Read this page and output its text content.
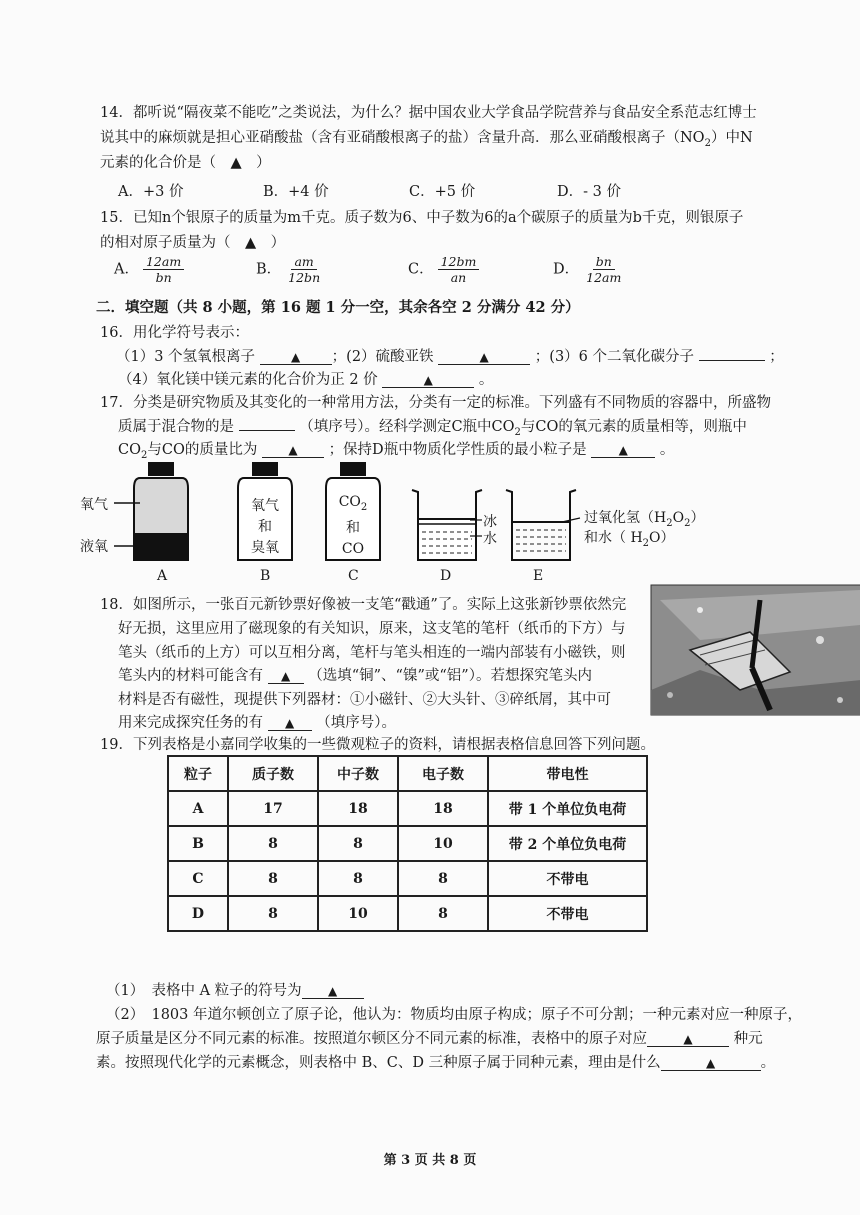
14．都听说“隔夜菜不能吃”之类说法，为什么？据中国农业大学食品学院营养与食品安全系范志红博士
说其中的麻烦就是担心亚硝酸盐（含有亚硝酸根离子的盐）含量升高．那么亚硝酸根离子$(NO_2)$中N
元素的化合价是（　▲　）
A．+3 价	B．+4 价	C．+5 价	D．- 3 价
15．已知n个银原子的质量为m千克。质子数为6、中子数为6的a个碳原子的质量为b千克，则银原子
的相对原子质量为（　▲　）
A． $\frac{12am}{bn}$	B． $\frac{am}{12bn}$	C． $\frac{12bm}{an}$	D． $\frac{bn}{12am}$
二．填空题（共 8 小题，第 16 题 1 分一空，其余各空 2 分满分 42 分）
16．用化学符号表示：
（1）3 个氢氧根离子	▲ ；(2）硫酸亚铁	▲	；(3）6 个二氧化碳分子	；
（4）氧化镁中镁元素的化合价为正 2 价	▲	。
17．分类是研究物质及其变化的一种常用方法，分类有一定的标准。下列盛有不同物质的容器中，所盛物
质属于混合物的是	（填序号）。经科学测定C瓶中$CO_2$与CO的氧元素的质量相等，则瓶中
$CO_2$与CO的质量比为	▲ ；保持D瓶中物质化学性质的最小粒子是	▲ 。
氧气
液氧
氧气
和
臭氧
$CO_2$
和
CO
冰
水
过氧化氢$(H_2O_2)$
和水（ $H_2O$）
A	B	C	D	E
18．如图所示，一张百元新钞票好像被一支笔“戳通”了。实际上这张新钞票依然完
好无损，这里应用了磁现象的有关知识，原来，这支笔的笔杆（纸币的下方）与
笔头（纸币的上方）可以互相分离，笔杆与笔头相连的一端内部装有小磁铁，则
笔头内的材料可能含有 ▲ （选填“铜”、“镍”或“铝”）。若想探究笔头内
材料是否有磁性，现提供下列器材：①小磁针、②大头针、③碎纸屑，其中可
用来完成探究任务的有 ▲ （填序号）。
19．下列表格是小嘉同学收集的一些微观粒子的资料，请根据表格信息回答下列问题。
粒子	质子数	中子数	电子数	带电性
A	17	18	18	带 1 个单位负电荷
B	8	8	10	带 2 个单位负电荷
C	8	8	8	不带电
D	8	10	8	不带电
（1）　表格中 A 粒子的符号为 ▲
（2）　1803 年道尔顿创立了原子论，他认为：物质均由原子构成；原子不可分割；一种元素对应一种原子，
原子质量是区分不同元素的标准。按照道尔顿区分不同元素的标准，表格中的原子对应	▲	种元
素。按照现代化学的元素概念，则表格中 B、C、D 三种原子属于同种元素，理由是什么	▲	。
第 3 页 共 8 页
